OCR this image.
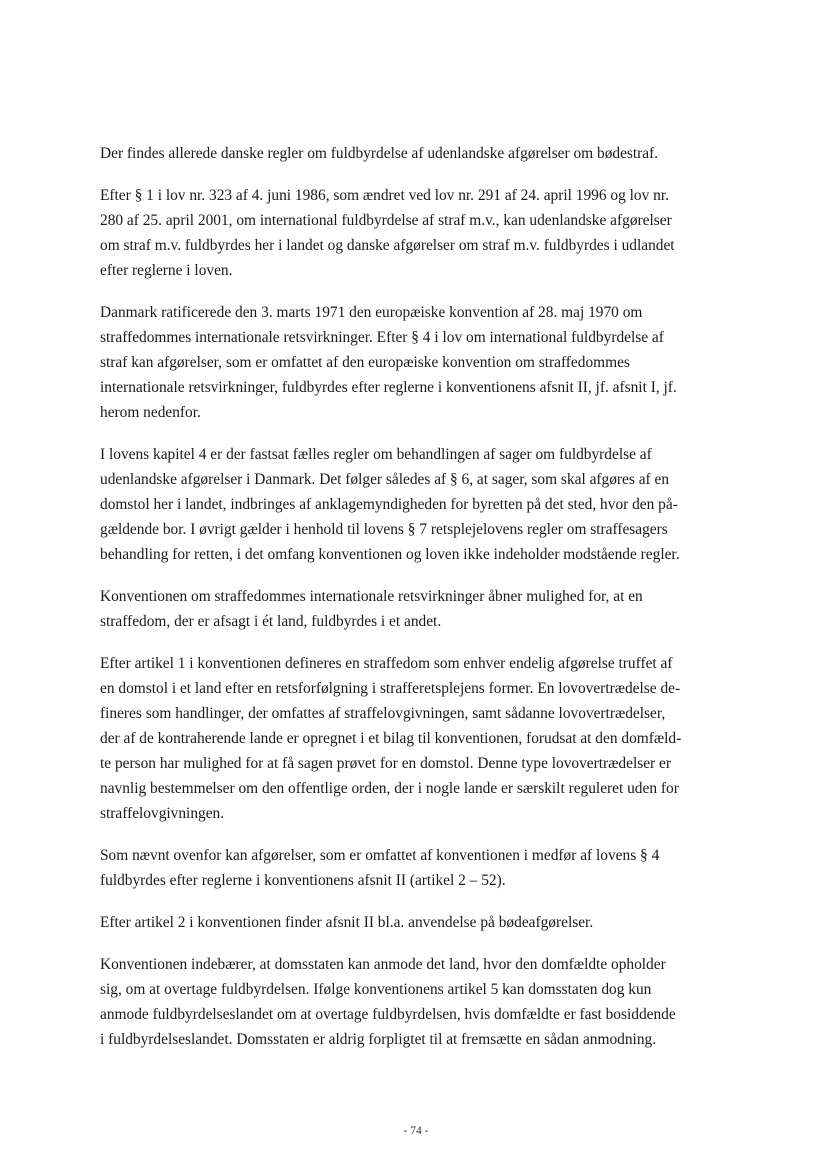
Der findes allerede danske regler om fuldbyrdelse af udenlandske afgørelser om bødestraf.
Efter § 1 i lov nr. 323 af 4. juni 1986, som ændret ved lov nr. 291 af 24. april 1996 og lov nr.
280 af 25. april 2001, om international fuldbyrdelse af straf m.v., kan udenlandske afgørelser
om straf m.v. fuldbyrdes her i landet og danske afgørelser om straf m.v. fuldbyrdes i udlandet
efter reglerne i loven.
Danmark ratificerede den 3. marts 1971 den europæiske konvention af 28. maj 1970 om
straffedommes internationale retsvirkninger. Efter § 4 i lov om international fuldbyrdelse af
straf kan afgørelser, som er omfattet af den europæiske konvention om straffedommes
internationale retsvirkninger, fuldbyrdes efter reglerne i konventionens afsnit II, jf. afsnit I, jf.
herom nedenfor.
I lovens kapitel 4 er der fastsat fælles regler om behandlingen af sager om fuldbyrdelse af
udenlandske afgørelser i Danmark. Det følger således af § 6, at sager, som skal afgøres af en
domstol her i landet, indbringes af anklagemyndigheden for byretten på det sted, hvor den på-
gældende bor. I øvrigt gælder i henhold til lovens § 7 retsplejelovens regler om straffesagers
behandling for retten, i det omfang konventionen og loven ikke indeholder modstående regler.
Konventionen om straffedommes internationale retsvirkninger åbner mulighed for, at en
straffedom, der er afsagt i ét land, fuldbyrdes i et andet.
Efter artikel 1 i konventionen defineres en straffedom som enhver endelig afgørelse truffet af
en domstol i et land efter en retsforfølgning i strafferetsplejens former. En lovovertrædelse de-
fineres som handlinger, der omfattes af straffelovgivningen, samt sådanne lovovertrædelser,
der af de kontraherende lande er opregnet i et bilag til konventionen, forudsat at den domfæld-
te person har mulighed for at få sagen prøvet for en domstol. Denne type lovovertrædelser er
navnlig bestemmelser om den offentlige orden, der i nogle lande er særskilt reguleret uden for
straffelovgivningen.
Som nævnt ovenfor kan afgørelser, som er omfattet af konventionen i medfør af lovens § 4
fuldbyrdes efter reglerne i konventionens afsnit II (artikel 2 – 52).
Efter artikel 2 i konventionen finder afsnit II bl.a. anvendelse på bødeafgørelser.
Konventionen indebærer, at domsstaten kan anmode det land, hvor den domfældte opholder
sig, om at overtage fuldbyrdelsen. Ifølge konventionens artikel 5 kan domsstaten dog kun
anmode fuldbyrdelseslandet om at overtage fuldbyrdelsen, hvis domfældte er fast bosiddende
i fuldbyrdelseslandet. Domsstaten er aldrig forpligtet til at fremsætte en sådan anmodning.
- 74 -
